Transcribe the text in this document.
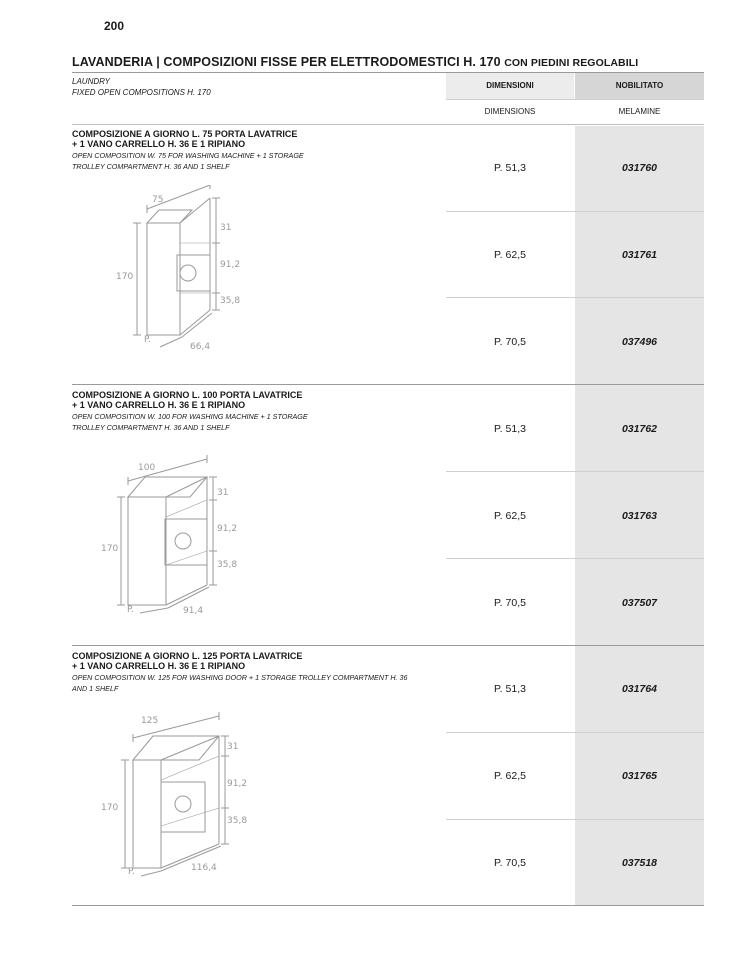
200
LAVANDERIA | COMPOSIZIONI FISSE PER ELETTRODOMESTICI H. 170 CON PIEDINI REGOLABILI
LAUNDRY
FIXED OPEN COMPOSITIONS H. 170
DIMENSIONI	NOBILITATO
DIMENSIONS	MELAMINE
COMPOSIZIONE A GIORNO L. 75 PORTA LAVATRICE
+ 1 VANO CARRELLO H. 36 E 1 RIPIANO
OPEN COMPOSITION W. 75 FOR WASHING MACHINE + 1 STORAGE
TROLLEY COMPARTMENT H. 36 AND 1 SHELF
75
31
91,2
35,8
170
P.
66,4
P. 51,3	031760
P. 62,5	031761
P. 70,5	037496
COMPOSIZIONE A GIORNO L. 100 PORTA LAVATRICE
+ 1 VANO CARRELLO H. 36 E 1 RIPIANO
OPEN COMPOSITION W. 100 FOR WASHING MACHINE + 1 STORAGE
TROLLEY COMPARTMENT H. 36 AND 1 SHELF
100
31
91,2
35,8
170
P.	91,4
P. 51,3	031762
P. 62,5	031763
P. 70,5	037507
COMPOSIZIONE A GIORNO L. 125 PORTA LAVATRICE
+ 1 VANO CARRELLO H. 36 E 1 RIPIANO
OPEN COMPOSITION W. 125 FOR WASHING DOOR + 1 STORAGE TROLLEY COMPARTMENT H. 36
AND 1 SHELF
125
31
91,2
35,8
170
P.	116,4
P. 51,3	031764
P. 62,5	031765
P. 70,5	037518
